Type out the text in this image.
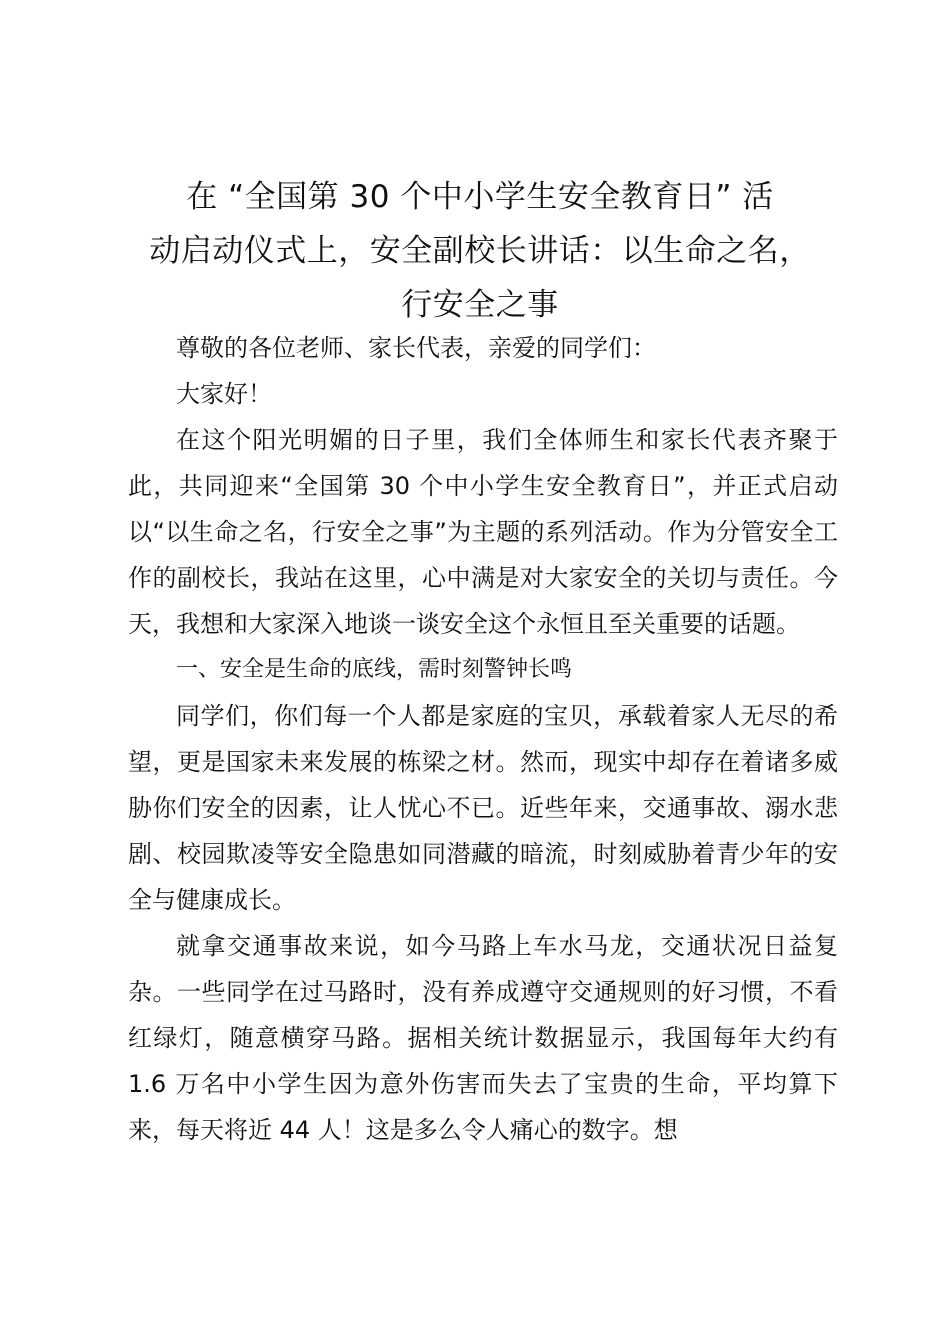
在 “全国第 30 个中小学生安全教育日” 活
动启动仪式上，安全副校长讲话：以生命之名，
行安全之事

尊敬的各位老师、家长代表，亲爱的同学们：

大家好！

在这个阳光明媚的日子里，我们全体师生和家长代表齐聚于此，共同迎来“全国第 30 个中小学生安全教育日”，并正式启动以“以生命之名，行安全之事”为主题的系列活动。作为分管安全工作的副校长，我站在这里，心中满是对大家安全的关切与责任。今天，我想和大家深入地谈一谈安全这个永恒且至关重要的话题。

一、安全是生命的底线，需时刻警钟长鸣

同学们，你们每一个人都是家庭的宝贝，承载着家人无尽的希望，更是国家未来发展的栋梁之材。然而，现实中却存在着诸多威胁你们安全的因素，让人忧心不已。近些年来，交通事故、溺水悲剧、校园欺凌等安全隐患如同潜藏的暗流，时刻威胁着青少年的安全与健康成长。

就拿交通事故来说，如今马路上车水马龙，交通状况日益复杂。一些同学在过马路时，没有养成遵守交通规则的好习惯，不看红绿灯，随意横穿马路。据相关统计数据显示，我国每年大约有 1.6 万名中小学生因为意外伤害而失去了宝贵的生命，平均算下来，每天将近 44 人！这是多么令人痛心的数字。想
